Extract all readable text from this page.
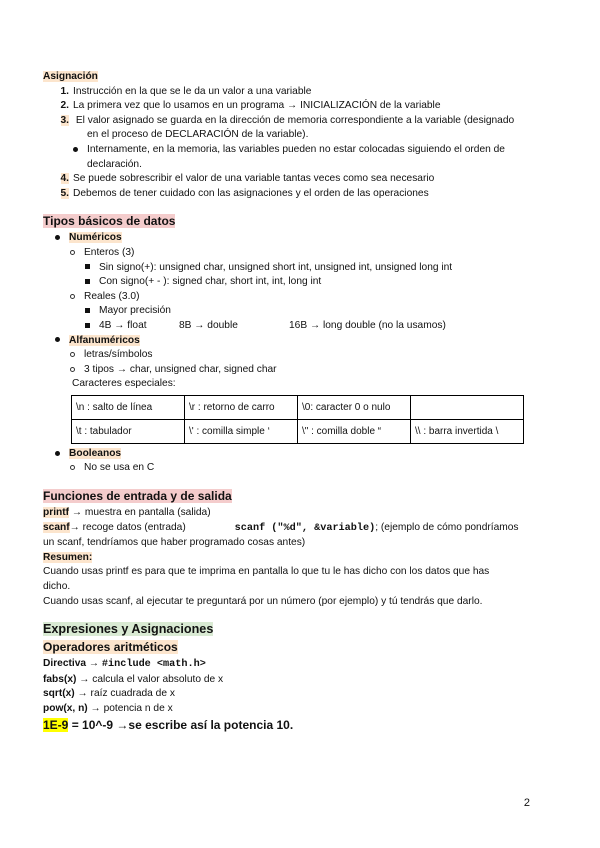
Asignación
1. Instrucción en la que se le da un valor a una variable
2. La primera vez que lo usamos en un programa → INICIALIZACIÓN de la variable
3. El valor asignado se guarda en la dirección de memoria correspondiente a la variable (designado
en el proceso de DECLARACIÓN de la variable).
Internamente, en la memoria, las variables pueden no estar colocadas siguiendo el orden de
declaración.
4. Se puede sobrescribir el valor de una variable tantas veces como sea necesario
5. Debemos de tener cuidado con las asignaciones y el orden de las operaciones
Tipos básicos de datos
Numéricos
Enteros (3)
Sin signo(+): unsigned char, unsigned short int, unsigned int, unsigned long int
Con signo(+ - ): signed char, short int, int, long int
Reales (3.0)
Mayor precisión
4B → float	8B → double	16B → long double (no la usamos)
Alfanuméricos
letras/símbolos
3 tipos → char, unsigned char, signed char
Caracteres especiales:
\n : salto de línea	\r : retorno de carro	\0: caracter 0 o nulo	
\t : tabulador	\' : comilla simple ‘	\" : comilla doble “	\\ : barra invertida \
Booleanos
No se usa en C
Funciones de entrada y de salida
printf → muestra en pantalla (salida)
scanf→ recoge datos (entrada)	scanf ("%d", &variable); (ejemplo de cómo pondríamos
un scanf, tendríamos que haber programado cosas antes)
Resumen:
Cuando usas printf es para que te imprima en pantalla lo que tu le has dicho con los datos que has
dicho.
Cuando usas scanf, al ejecutar te preguntará por un número (por ejemplo) y tú tendrás que darlo.
Expresiones y Asignaciones
Operadores aritméticos
Directiva → #include <math.h>
fabs(x) → calcula el valor absoluto de x
sqrt(x) → raíz cuadrada de x
pow(x, n) → potencia n de x
1E-9 = 10^-9 →se escribe así la potencia 10.
2
